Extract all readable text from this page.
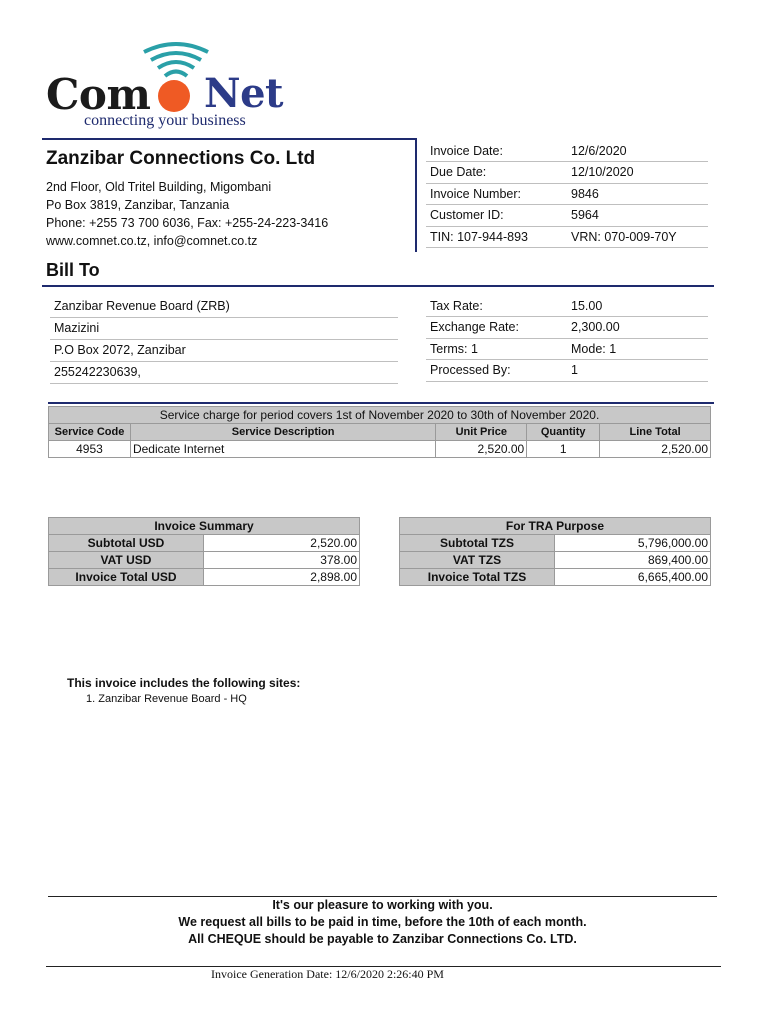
Com Net
connecting your business
Zanzibar Connections Co. Ltd
2nd Floor, Old Tritel Building, Migombani
Po Box 3819, Zanzibar, Tanzania
Phone: +255 73 700 6036, Fax: +255-24-223-3416
www.comnet.co.tz, info@comnet.co.tz
Invoice Date:	12/6/2020
Due Date:	12/10/2020
Invoice Number:	9846
Customer ID:	5964
TIN: 107-944-893	VRN: 070-009-70Y
Bill To
Zanzibar Revenue Board (ZRB)
Mazizini
P.O Box 2072, Zanzibar
255242230639,
Tax Rate:	15.00
Exchange Rate:	2,300.00
Terms: 1	Mode: 1
Processed By:	1
Service charge for period covers 1st of November 2020 to 30th of November 2020.				
Service Code	Service Description	Unit Price	Quantity	Line Total
4953	Dedicate Internet	2,520.00	1	2,520.00
Invoice Summary	
Subtotal USD	2,520.00
VAT USD	378.00
Invoice Total USD	2,898.00
For TRA Purpose	
Subtotal TZS	5,796,000.00
VAT TZS	869,400.00
Invoice Total TZS	6,665,400.00
This invoice includes the following sites:
1. Zanzibar Revenue Board - HQ
It's our pleasure to working with you.
We request all bills to be paid in time, before the 10th of each month.
All CHEQUE should be payable to Zanzibar Connections Co. LTD.
Invoice Generation Date: 12/6/2020 2:26:40 PM
